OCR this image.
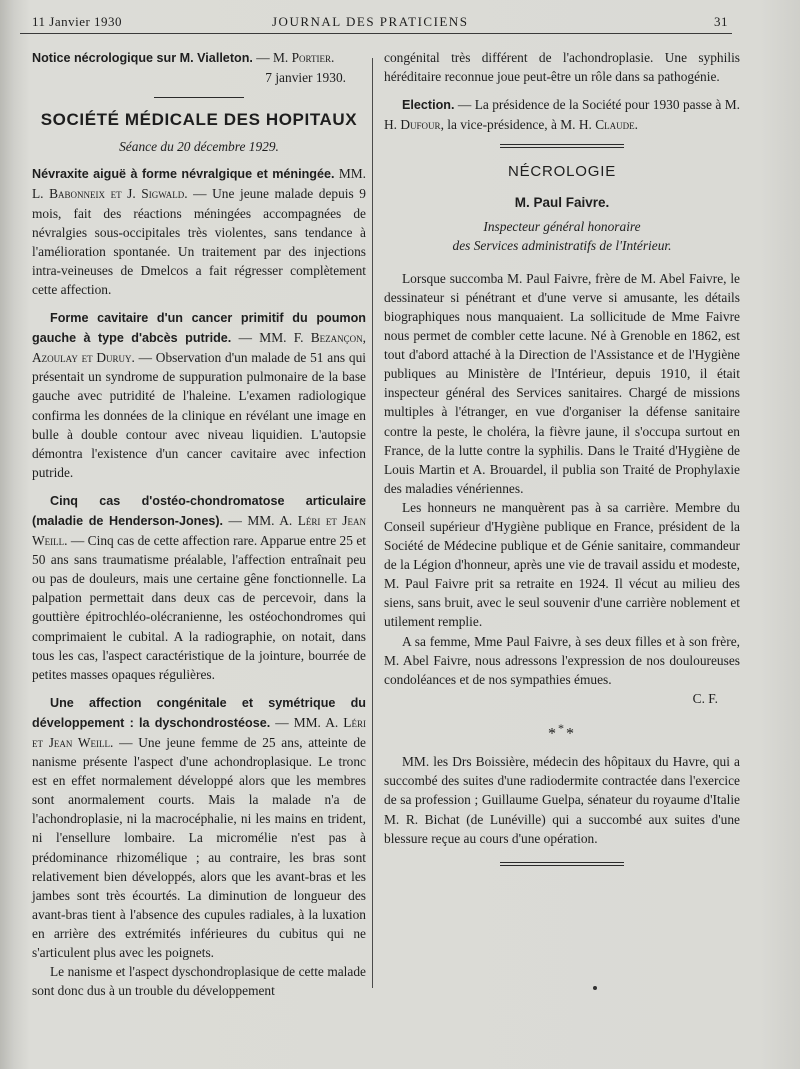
11 Janvier 1930	JOURNAL DES PRATICIENS	31

Notice nécrologique sur M. Vialleton. — M. Portier.

7 janvier 1930.

SOCIÉTÉ MÉDICALE DES HOPITAUX

Séance du 20 décembre 1929.

Névraxite aiguë à forme névralgique et méningée. MM. L. Babonneix et J. Sigwald. — Une jeune malade depuis 9 mois, fait des réactions méningées accompagnées de névralgies sous-occipitales très violentes, sans tendance à l'amélioration spontanée. Un traitement par des injections intra-veineuses de Dmelcos a fait régresser complètement cette affection.

Forme cavitaire d'un cancer primitif du poumon gauche à type d'abcès putride. — MM. F. Bezançon, Azoulay et Duruy. — Observation d'un malade de 51 ans qui présentait un syndrome de suppuration pulmonaire de la base gauche avec putridité de l'haleine. L'examen radiologique confirma les données de la clinique en révélant une image en bulle à double contour avec niveau liquidien. L'autopsie démontra l'existence d'un cancer cavitaire avec infection putride.

Cinq cas d'ostéo-chondromatose articulaire (maladie de Henderson-Jones). — MM. A. Léri et Jean Weill. — Cinq cas de cette affection rare. Apparue entre 25 et 50 ans sans traumatisme préalable, l'affection entraînait peu ou pas de douleurs, mais une certaine gêne fonctionnelle. La palpation permettait dans deux cas de percevoir, dans la gouttière épitrochléo-olécranienne, les ostéochondromes qui comprimaient le cubital. A la radiographie, on notait, dans tous les cas, l'aspect caractéristique de la jointure, bourrée de petites masses opaques régulières.

Une affection congénitale et symétrique du développement : la dyschondrostéose. — MM. A. Léri et Jean Weill. — Une jeune femme de 25 ans, atteinte de nanisme présente l'aspect d'une achondroplasique. Le tronc est en effet normalement développé alors que les membres sont anormalement courts. Mais la malade n'a de l'achondroplasie, ni la macrocéphalie, ni les mains en trident, ni l'ensellure lombaire. La micromélie n'est pas à prédominance rhizomélique ; au contraire, les bras sont relativement bien développés, alors que les avant-bras et les jambes sont très écourtés. La diminution de longueur des avant-bras tient à l'absence des cupules radiales, à la luxation en arrière des extrémités inférieures du cubitus qui ne s'articulent plus avec les poignets.

Le nanisme et l'aspect dyschondroplasique de cette malade sont donc dus à un trouble du développement

congénital très différent de l'achondroplasie. Une syphilis héréditaire reconnue joue peut-être un rôle dans sa pathogénie.

Election. — La présidence de la Société pour 1930 passe à M. H. Dufour, la vice-présidence, à M. H. Claude.

NÉCROLOGIE
M. Paul Faivre.

Inspecteur général honoraire

des Services administratifs de l'Intérieur.

Lorsque succomba M. Paul Faivre, frère de M. Abel Faivre, le dessinateur si pénétrant et d'une verve si amusante, les détails biographiques nous manquaient. La sollicitude de Mme Faivre nous permet de combler cette lacune. Né à Grenoble en 1862, est tout d'abord attaché à la Direction de l'Assistance et de l'Hygiène publiques au Ministère de l'Intérieur, depuis 1910, il était inspecteur général des Services sanitaires. Chargé de missions multiples à l'étranger, en vue d'organiser la défense sanitaire contre la peste, le choléra, la fièvre jaune, il s'occupa surtout en France, de la lutte contre la syphilis. Dans le Traité d'Hygiène de Louis Martin et A. Brouardel, il publia son Traité de Prophylaxie des maladies vénériennes.

Les honneurs ne manquèrent pas à sa carrière. Membre du Conseil supérieur d'Hygiène publique en France, président de la Société de Médecine publique et de Génie sanitaire, commandeur de la Légion d'honneur, après une vie de travail assidu et modeste, M. Paul Faivre prit sa retraite en 1924. Il vécut au milieu des siens, sans bruit, avec le seul souvenir d'une carrière noblement et utilement remplie.

A sa femme, Mme Paul Faivre, à ses deux filles et à son frère, M. Abel Faivre, nous adressons l'expression de nos douloureuses condoléances et de nos sympathies émues.

C. F.

***

MM. les Drs Boissière, médecin des hôpitaux du Havre, qui a succombé des suites d'une radiodermite contractée dans l'exercice de sa profession ; Guillaume Guelpa, sénateur du royaume d'Italie M. R. Bichat (de Lunéville) qui a succombé aux suites d'une blessure reçue au cours d'une opération.
